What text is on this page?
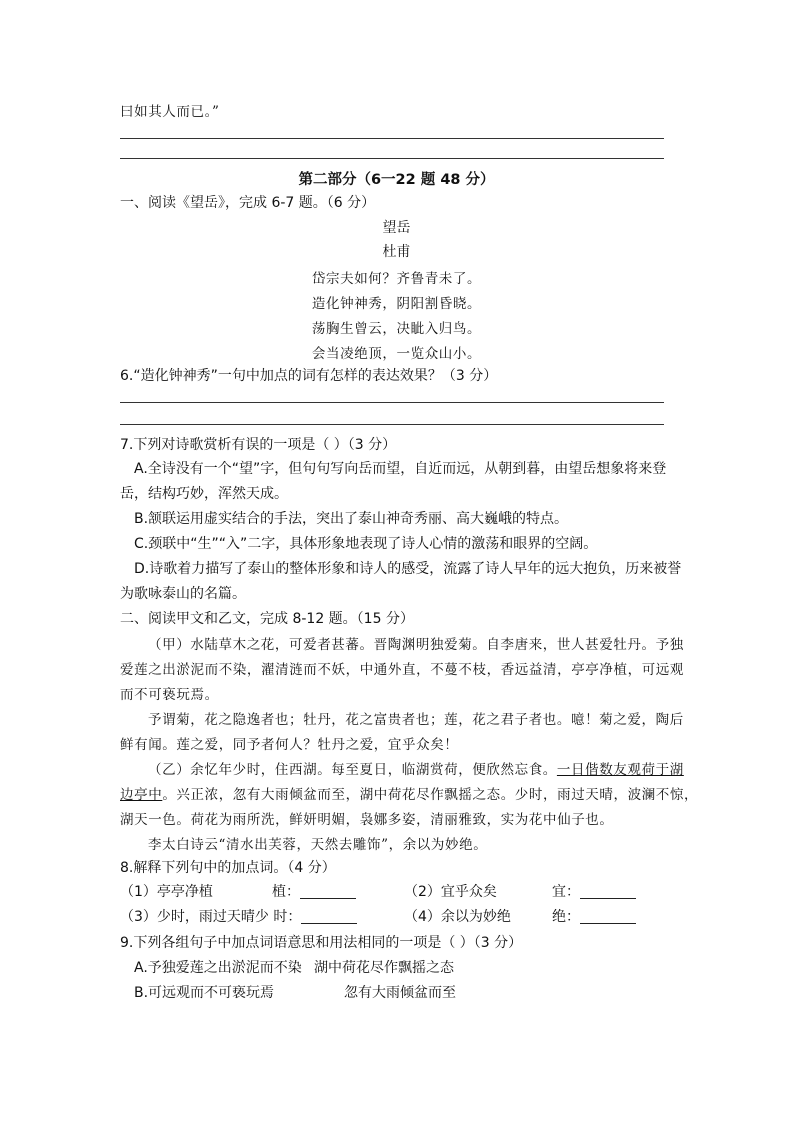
曰如其人而已。”
第二部分（6一22 题 48 分）
一、阅读《望岳》，完成 6-7 题。（6 分）
望岳
杜甫
岱宗夫如何？齐鲁青未了。
造化钟神秀，阴阳割昏晓。
荡胸生曾云，决眦入归鸟。
会当凌绝顶，一览众山小。
6.“造化钟神秀”一句中加点的词有怎样的表达效果？（3 分）
7.下列对诗歌赏析有误的一项是（ ）（3 分）
A.全诗没有一个“望”字，但句句写向岳而望，自近而远，从朝到暮，由望岳想象将来登
岳，结构巧妙，浑然天成。
B.颔联运用虚实结合的手法，突出了泰山神奇秀丽、高大巍峨的特点。
C.颈联中“生”“入”二字，具体形象地表现了诗人心情的激荡和眼界的空阔。
D.诗歌着力描写了泰山的整体形象和诗人的感受，流露了诗人早年的远大抱负，历来被誉
为歌咏泰山的名篇。
二、阅读甲文和乙文，完成 8-12 题。（15 分）
（甲）水陆草木之花，可爱者甚蕃。晋陶渊明独爱菊。自李唐来，世人甚爱牡丹。予独
爱莲之出淤泥而不染，濯清涟而不妖，中通外直，不蔓不枝，香远益清，亭亭净植，可远观
而不可亵玩焉。
予谓菊，花之隐逸者也；牡丹，花之富贵者也；莲，花之君子者也。噫！菊之爱，陶后
鲜有闻。莲之爱，同予者何人？牡丹之爱，宜乎众矣！
（乙）余忆年少时，住西湖。每至夏日，临湖赏荷，便欣然忘食。一日偕数友观荷于湖
边亭中。兴正浓，忽有大雨倾盆而至，湖中荷花尽作飘摇之态。少时，雨过天晴，波澜不惊，
湖天一色。荷花为雨所洗，鲜妍明媚，袅娜多姿，清丽雅致，实为花中仙子也。
李太白诗云“清水出芙蓉，天然去雕饰”，余以为妙绝。
8.解释下列句中的加点词。（4 分）
（1）亭亭净植	植：	（2）宜乎众矣	宜：
（3）少时，雨过天晴少 时：	（4）余以为妙绝	绝：
9.下列各组句子中加点词语意思和用法相同的一项是（ ）（3 分）
A.予独爱莲之出淤泥而不染 湖中荷花尽作飘摇之态
B.可远观而不可亵玩焉	忽有大雨倾盆而至
